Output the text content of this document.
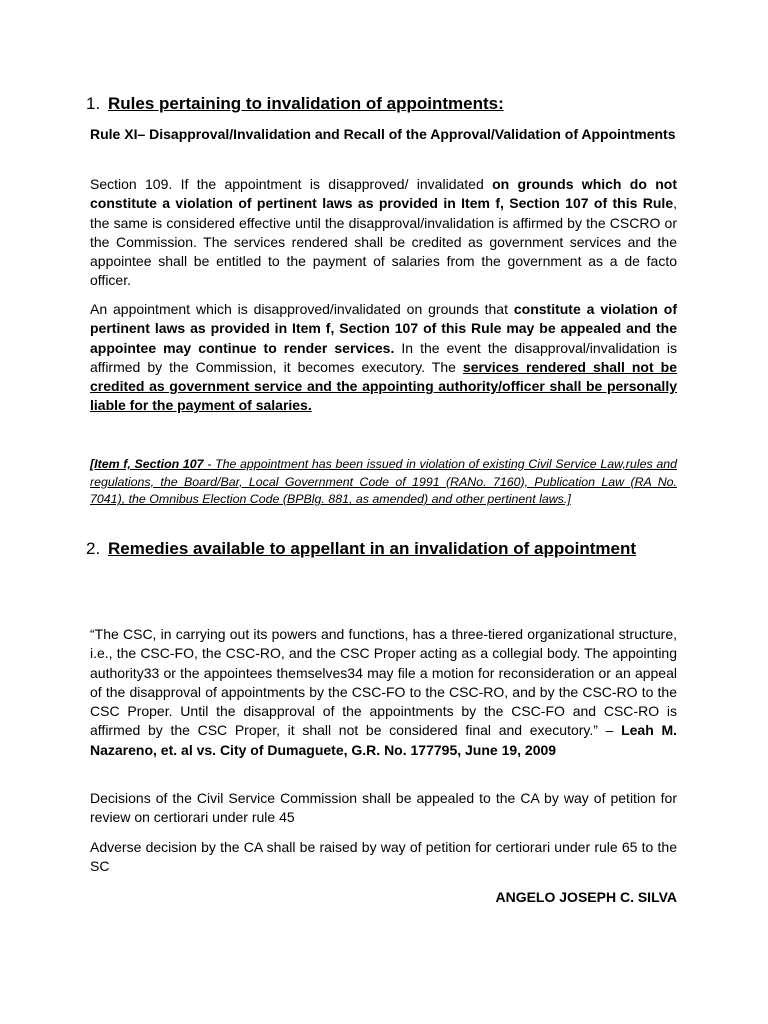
1. Rules pertaining to invalidation of appointments:

Rule XI– Disapproval/Invalidation and Recall of the Approval/Validation of Appointments

Section 109. If the appointment is disapproved/ invalidated on grounds which do not constitute a violation of pertinent laws as provided in Item f, Section 107 of this Rule, the same is considered effective until the disapproval/invalidation is affirmed by the CSCRO or the Commission. The services rendered shall be credited as government services and the appointee shall be entitled to the payment of salaries from the government as a de facto officer.

An appointment which is disapproved/invalidated on grounds that constitute a violation of pertinent laws as provided in Item f, Section 107 of this Rule may be appealed and the appointee may continue to render services. In the event the disapproval/invalidation is affirmed by the Commission, it becomes executory. The services rendered shall not be credited as government service and the appointing authority/officer shall be personally liable for the payment of salaries.

[Item f, Section 107 - The appointment has been issued in violation of existing Civil Service Law,rules and regulations, the Board/Bar, Local Government Code of 1991 (RANo. 7160), Publication Law (RA No. 7041), the Omnibus Election Code (BPBlg. 881, as amended) and other pertinent laws.]

2. Remedies available to appellant in an invalidation of appointment

“The CSC, in carrying out its powers and functions, has a three-tiered organizational structure, i.e., the CSC-FO, the CSC-RO, and the CSC Proper acting as a collegial body. The appointing authority33 or the appointees themselves34 may file a motion for reconsideration or an appeal of the disapproval of appointments by the CSC-FO to the CSC-RO, and by the CSC-RO to the CSC Proper. Until the disapproval of the appointments by the CSC-FO and CSC-RO is affirmed by the CSC Proper, it shall not be considered final and executory.” – Leah M. Nazareno, et. al vs. City of Dumaguete, G.R. No. 177795, June 19, 2009

Decisions of the Civil Service Commission shall be appealed to the CA by way of petition for review on certiorari under rule 45

Adverse decision by the CA shall be raised by way of petition for certiorari under rule 65 to the SC

ANGELO JOSEPH C. SILVA
